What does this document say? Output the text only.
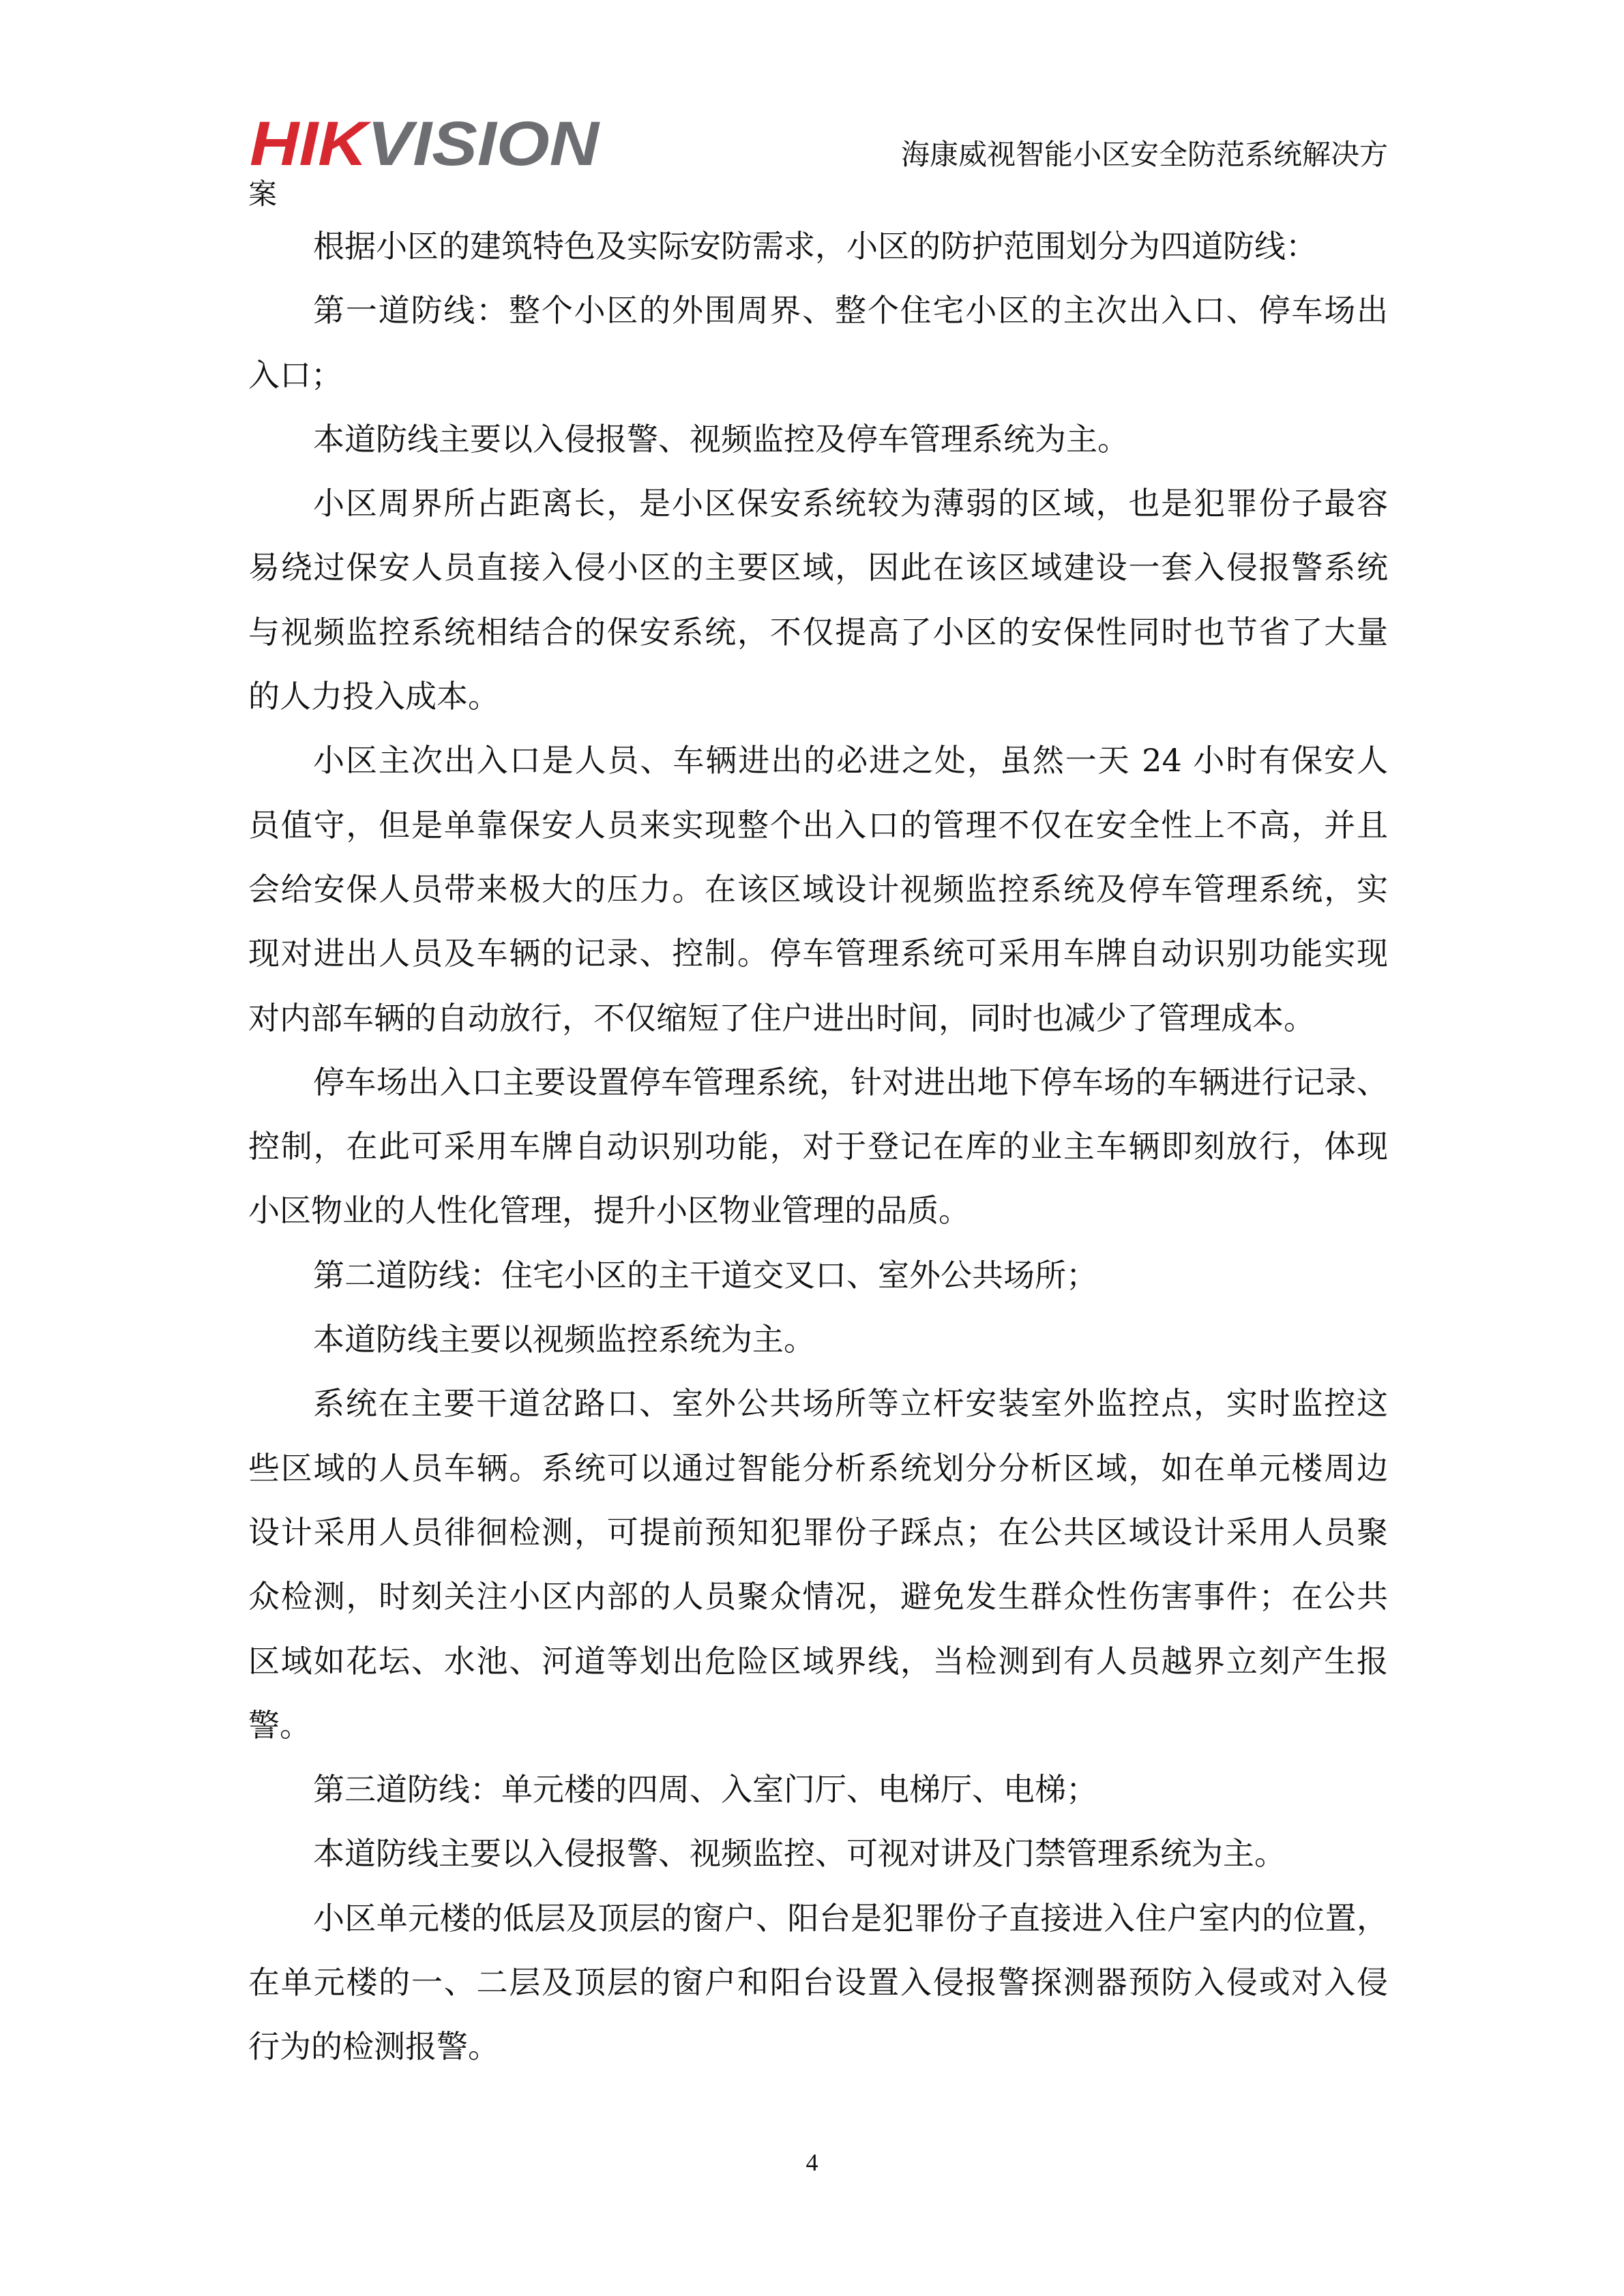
HIK VISION	海康威视智能小区安全防范系统解决方
案
根据小区的建筑特色及实际安防需求，小区的防护范围划分为四道防线：
第一道防线：整个小区的外围周界、整个住宅小区的主次出入口、停车场出
入口；
本道防线主要以入侵报警、视频监控及停车管理系统为主。
小区周界所占距离长，是小区保安系统较为薄弱的区域，也是犯罪份子最容
易绕过保安人员直接入侵小区的主要区域，因此在该区域建设一套入侵报警系统
与视频监控系统相结合的保安系统，不仅提高了小区的安保性同时也节省了大量
的人力投入成本。
小区主次出入口是人员、车辆进出的必进之处，虽然一天 24 小时有保安人
员值守，但是单靠保安人员来实现整个出入口的管理不仅在安全性上不高，并且
会给安保人员带来极大的压力。在该区域设计视频监控系统及停车管理系统，实
现对进出人员及车辆的记录、控制。停车管理系统可采用车牌自动识别功能实现
对内部车辆的自动放行，不仅缩短了住户进出时间，同时也减少了管理成本。
停车场出入口主要设置停车管理系统，针对进出地下停车场的车辆进行记录、
控制，在此可采用车牌自动识别功能，对于登记在库的业主车辆即刻放行，体现
小区物业的人性化管理，提升小区物业管理的品质。
第二道防线：住宅小区的主干道交叉口、室外公共场所；
本道防线主要以视频监控系统为主。
系统在主要干道岔路口、室外公共场所等立杆安装室外监控点，实时监控这
些区域的人员车辆。系统可以通过智能分析系统划分分析区域，如在单元楼周边
设计采用人员徘徊检测，可提前预知犯罪份子踩点；在公共区域设计采用人员聚
众检测，时刻关注小区内部的人员聚众情况，避免发生群众性伤害事件；在公共
区域如花坛、水池、河道等划出危险区域界线，当检测到有人员越界立刻产生报
警。
第三道防线：单元楼的四周、入室门厅、电梯厅、电梯；
本道防线主要以入侵报警、视频监控、可视对讲及门禁管理系统为主。
小区单元楼的低层及顶层的窗户、阳台是犯罪份子直接进入住户室内的位置，
在单元楼的一、二层及顶层的窗户和阳台设置入侵报警探测器预防入侵或对入侵
行为的检测报警。
4
